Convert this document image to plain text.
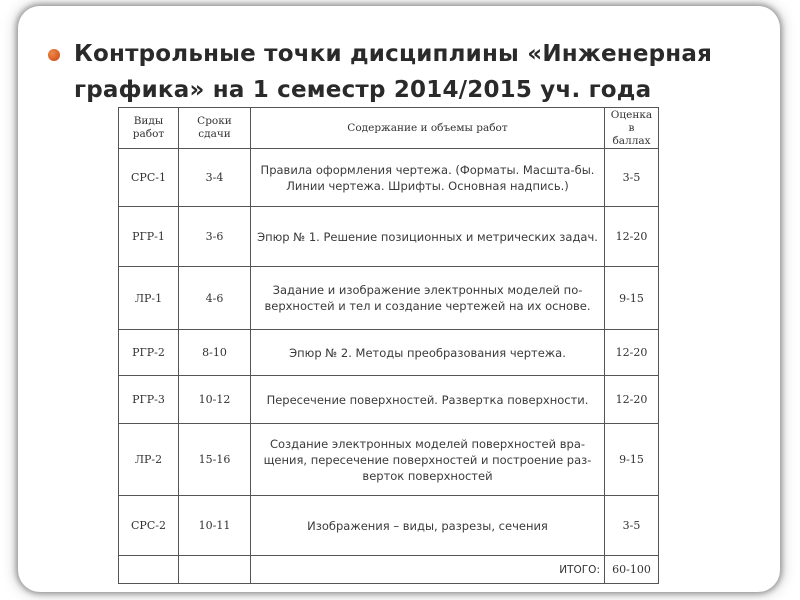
Контрольные точки дисциплины «Инженерная
графика» на 1 семестр 2014/2015 уч. года
Виды работ	Сроки сдачи	Содержание и объемы работ	Оценка в баллах
СРС-1	3-4	Правила оформления чертежа. (Форматы. Масшта-бы. Линии чертежа. Шрифты. Основная надпись.)	3-5
РГР-1	3-6	Эпюр № 1. Решение позиционных и метрических задач.	12-20
ЛР-1	4-6	Задание и изображение электронных моделей по-верхностей и тел и создание чертежей на их основе.	9-15
РГР-2	8-10	Эпюр № 2. Методы преобразования чертежа.	12-20
РГР-3	10-12	Пересечение поверхностей. Развертка поверхности.	12-20
ЛР-2	15-16	Создание электронных моделей поверхностей вра-щения, пересечение поверхностей и построение раз-верток поверхностей	9-15
СРС-2	10-11	Изображения – виды, разрезы, сечения	3-5
		ИТОГО:	60-100
